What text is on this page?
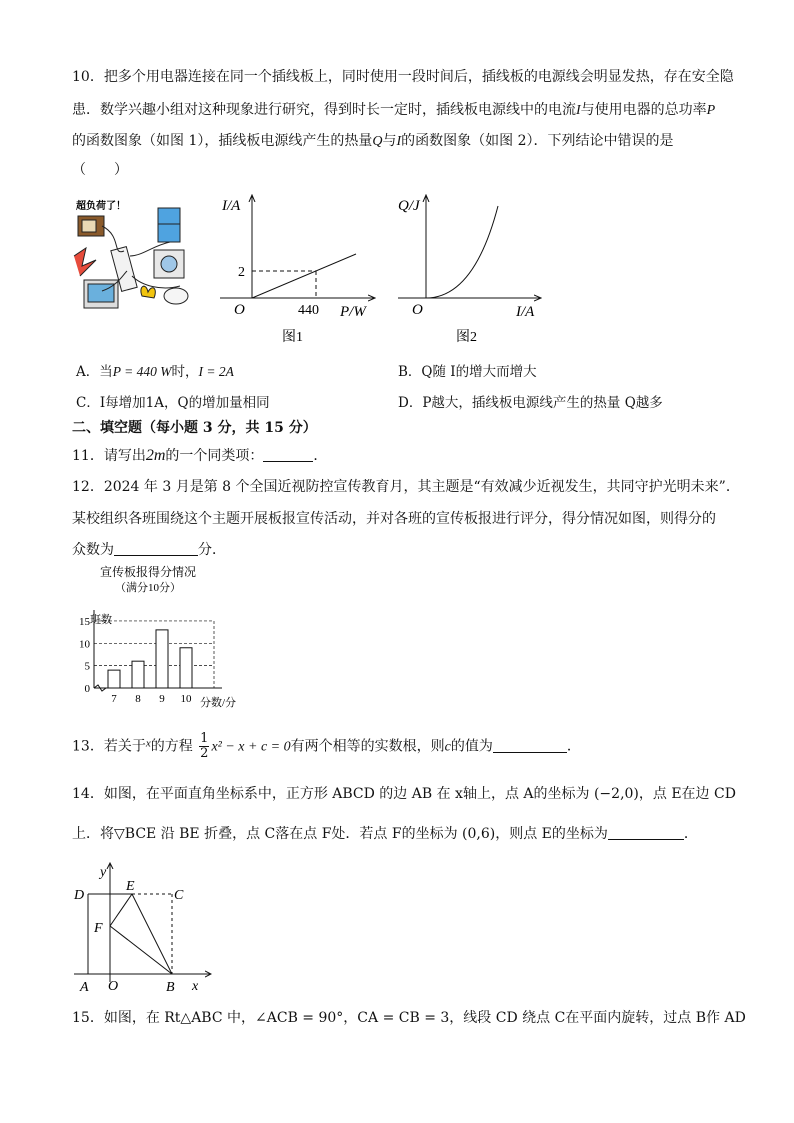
10．把多个用电器连接在同一个插线板上，同时使用一段时间后，插线板的电源线会明显发热，存在安全隐
患．数学兴趣小组对这种现象进行研究，得到时长一定时，插线板电源线中的电流I与使用电器的总功率P
的函数图象（如图 1），插线板电源线产生的热量Q与I的函数图象（如图 2）．下列结论中错误的是
（　　）
超负荷了！	I/A
P/W
O
2
440
图1
Q/J
I/A
O
图2
A．当P = 440 W时，I = 2A	B．Q随 I的增大而增大
C．I每增加1A，Q的增加量相同	D．P越大，插线板电源线产生的热量 Q越多
二、填空题（每小题 3 分，共 15 分）
11．请写出2m的一个同类项：	．
12．2024 年 3 月是第 8 个全国近视防控宣传教育月，其主题是“有效减少近视发生，共同守护光明未来”．
某校组织各班围绕这个主题开展板报宣传活动，并对各班的宣传板报进行评分，得分情况如图，则得分的
众数为	分．
宣传板报得分情况
（满分10分）
班数
分数/分
0
5
10
15
7 8 9 10
13．若关于$^x$的方程 $\frac{1}{2} x^2 - x + c = 0$有两个相等的实数根，则c的值为	．
14．如图，在平面直角坐标系中，正方形 ABCD 的边 AB 在 x轴上，点 A的坐标为 (−2,0)，点 E在边 CD
上．将▽BCE 沿 BE 折叠，点 C落在点 F处．若点 F的坐标为 (0,6)，则点 E的坐标为	．
y
x
D
E
C
F
A O	B
15．如图，在 Rt△ABC 中，∠ACB = 90°，CA = CB = 3，线段 CD 绕点 C在平面内旋转，过点 B作 AD
